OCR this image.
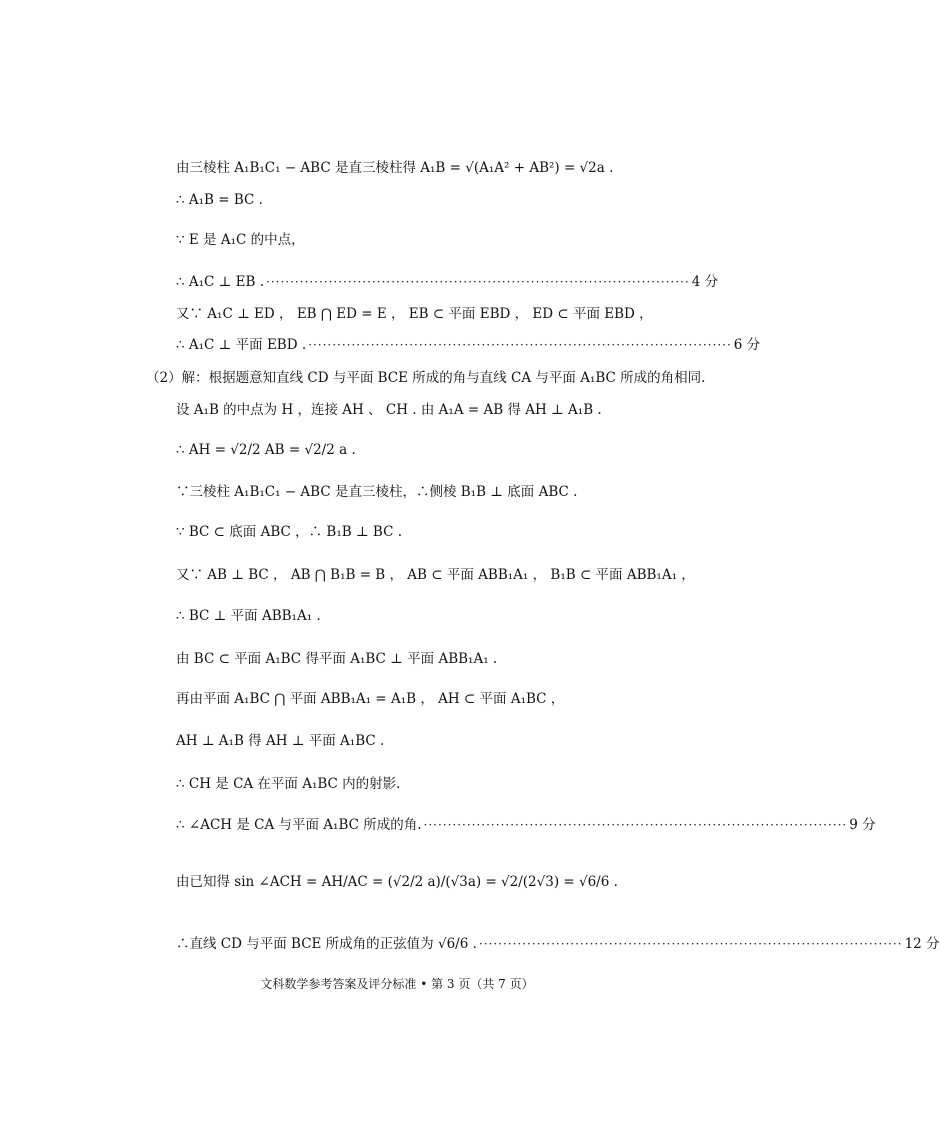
由三棱柱 A₁B₁C₁ − ABC 是直三棱柱得 A₁B = √(A₁A² + AB²) = √2a .
∴ A₁B = BC .
∵ E 是 A₁C 的中点，
∴ A₁C ⊥ EB . ························································································ 4 分
又∵ A₁C ⊥ ED ， EB ⋂ ED = E ， EB ⊂ 平面 EBD ， ED ⊂ 平面 EBD ，
∴ A₁C ⊥ 平面 EBD . ························································································ 6 分
（2）解：根据题意知直线 CD 与平面 BCE 所成的角与直线 CA 与平面 A₁BC 所成的角相同.
设 A₁B 的中点为 H ，连接 AH 、 CH . 由 A₁A = AB 得 AH ⊥ A₁B .
∴ AH = √2/2 AB = √2/2 a .
∵三棱柱 A₁B₁C₁ − ABC 是直三棱柱，∴侧棱 B₁B ⊥ 底面 ABC .
∵ BC ⊂ 底面 ABC ，∴ B₁B ⊥ BC .
又∵ AB ⊥ BC ， AB ⋂ B₁B = B ， AB ⊂ 平面 ABB₁A₁ ， B₁B ⊂ 平面 ABB₁A₁ ，
∴ BC ⊥ 平面 ABB₁A₁ .
由 BC ⊂ 平面 A₁BC 得平面 A₁BC ⊥ 平面 ABB₁A₁ .
再由平面 A₁BC ⋂ 平面 ABB₁A₁ = A₁B ， AH ⊂ 平面 A₁BC ，
AH ⊥ A₁B 得 AH ⊥ 平面 A₁BC .
∴ CH 是 CA 在平面 A₁BC 内的射影.
∴ ∠ACH 是 CA 与平面 A₁BC 所成的角. ························································································ 9 分
由已知得 sin ∠ACH = AH/AC = (√2/2 a)/(√3a) = √2/(2√3) = √6/6 .
∴直线 CD 与平面 BCE 所成角的正弦值为 √6/6 . ························································································ 12 分
文科数学参考答案及评分标准 • 第 3 页（共 7 页）
